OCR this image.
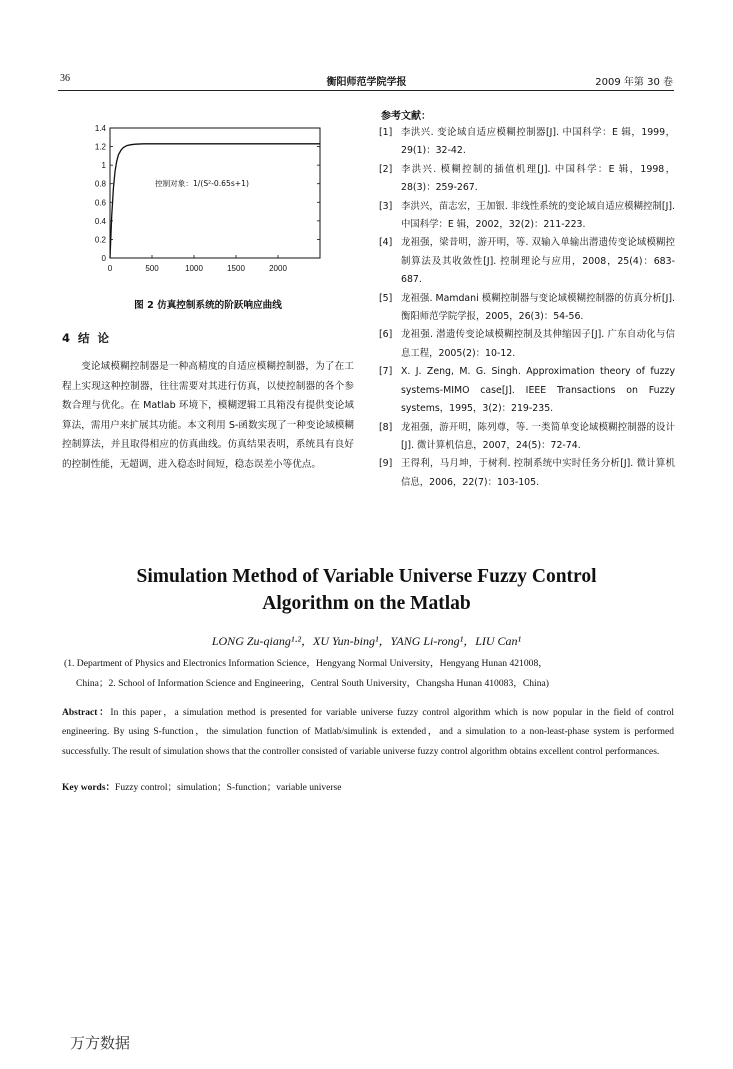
36	衡阳师范学院学报	2009 年第 30 卷
0
0.2
0.4
0.6
0.8
1
1.2
1.4
0	500	1000	1500	2000
控制对象：1/(S²-0.65s+1)
图 2 仿真控制系统的阶跃响应曲线
4  结  论

变论域模糊控制器是一种高精度的自适应模糊控制器，为了在工程上实现这种控制器，往往需要对其进行仿真，以使控制器的各个参数合理与优化。在 Matlab 环境下，模糊逻辑工具箱没有提供变论域算法，需用户来扩展其功能。本文利用 S-函数实现了一种变论域模糊控制算法，并且取得相应的仿真曲线。仿真结果表明，系统具有良好的控制性能，无超调，进入稳态时间短，稳态误差小等优点。

参考文献：
[1] 李洪兴. 变论域自适应模糊控制器[J]. 中国科学：E 辑，1999，29(1)：32-42.
[2] 李洪兴. 模糊控制的插值机理[J]. 中国科学：E 辑，1998，28(3)：259-267.
[3] 李洪兴，苗志宏，王加银. 非线性系统的变论域自适应模糊控制[J]. 中国科学：E 辑，2002，32(2)：211-223.
[4] 龙祖强，梁昔明，游开明，等. 双输入单输出潜遗传变论域模糊控制算法及其收敛性[J]. 控制理论与应用，2008，25(4)：683-687.
[5] 龙祖强. Mamdani 模糊控制器与变论域模糊控制器的仿真分析[J]. 衡阳师范学院学报，2005，26(3)：54-56.
[6] 龙祖强. 潜遗传变论域模糊控制及其伸缩因子[J]. 广东自动化与信息工程，2005(2)：10-12.
[7] X. J. Zeng, M. G. Singh. Approximation theory of fuzzy systems-MIMO case[J]. IEEE Transactions on Fuzzy systems，1995，3(2)：219-235.
[8] 龙祖强，游开明，陈列尊，等. 一类简单变论域模糊控制器的设计[J]. 微计算机信息，2007，24(5)：72-74.
[9] 王得利，马月坤，于树利. 控制系统中实时任务分析[J]. 微计算机信息，2006，22(7)：103-105.
Simulation Method of Variable Universe Fuzzy Control
Algorithm on the Matlab
LONG Zu-qiang¹·²，XU Yun-bing¹，YANG Li-rong¹，LIU Can¹
(1. Department of Physics and Electronics Information Science，Hengyang Normal University，Hengyang Hunan 421008，
China；2. School of Information Science and Engineering，Central South University，Changsha Hunan 410083，China)
Abstract：In this paper，a simulation method is presented for variable universe fuzzy control algorithm which is now popular in the field of control engineering. By using S-function，the simulation function of Matlab/simulink is extended，and a simulation to a non-least-phase system is performed successfully. The result of simulation shows that the controller consisted of variable universe fuzzy control algorithm obtains excellent control performances.
Key words：Fuzzy control；simulation；S-function；variable universe
万方数据
